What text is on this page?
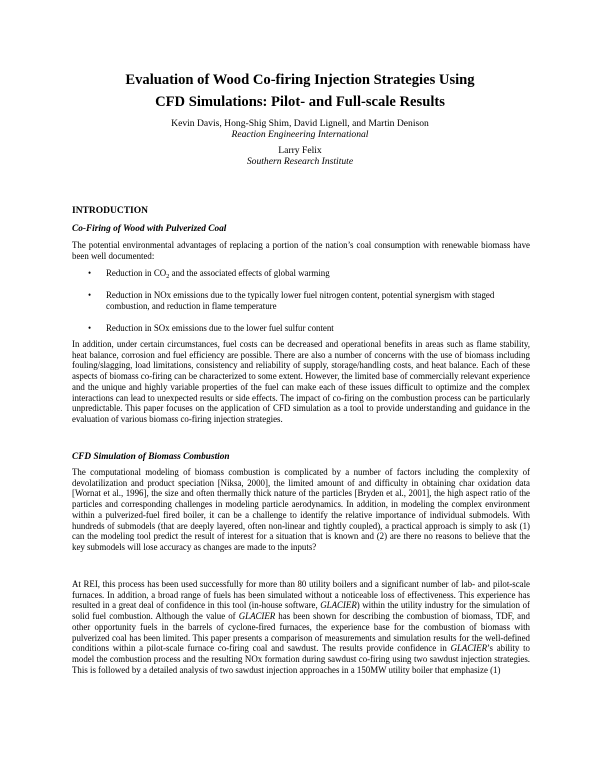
Evaluation of Wood Co-firing Injection Strategies Using
CFD Simulations: Pilot- and Full-scale Results
Kevin Davis, Hong-Shig Shim, David Lignell, and Martin Denison
Reaction Engineering International
Larry Felix
Southern Research Institute
INTRODUCTION
Co-Firing of Wood with Pulverized Coal
The potential environmental advantages of replacing a portion of the nation’s coal consumption with renewable biomass have been well documented:
• Reduction in $CO_2$ and the associated effects of global warming
• Reduction in NOx emissions due to the typically lower fuel nitrogen content, potential synergism with staged combustion, and reduction in flame temperature
• Reduction in SOx emissions due to the lower fuel sulfur content
In addition, under certain circumstances, fuel costs can be decreased and operational benefits in areas such as flame stability, heat balance, corrosion and fuel efficiency are possible. There are also a number of concerns with the use of biomass including fouling/slagging, load limitations, consistency and reliability of supply, storage/handling costs, and heat balance. Each of these aspects of biomass co-firing can be characterized to some extent. However, the limited base of commercially relevant experience and the unique and highly variable properties of the fuel can make each of these issues difficult to optimize and the complex interactions can lead to unexpected results or side effects. The impact of co-firing on the combustion process can be particularly unpredictable. This paper focuses on the application of CFD simulation as a tool to provide understanding and guidance in the evaluation of various biomass co-firing injection strategies.
CFD Simulation of Biomass Combustion
The computational modeling of biomass combustion is complicated by a number of factors including the complexity of devolatilization and product speciation [Niksa, 2000], the limited amount of and difficulty in obtaining char oxidation data [Wornat et al., 1996], the size and often thermally thick nature of the particles [Bryden et al., 2001], the high aspect ratio of the particles and corresponding challenges in modeling particle aerodynamics. In addition, in modeling the complex environment within a pulverized-fuel fired boiler, it can be a challenge to identify the relative importance of individual submodels. With hundreds of submodels (that are deeply layered, often non-linear and tightly coupled), a practical approach is simply to ask (1) can the modeling tool predict the result of interest for a situation that is known and (2) are there no reasons to believe that the key submodels will lose accuracy as changes are made to the inputs?
At REI, this process has been used successfully for more than 80 utility boilers and a significant number of lab- and pilot-scale furnaces. In addition, a broad range of fuels has been simulated without a noticeable loss of effectiveness. This experience has resulted in a great deal of confidence in this tool (in-house software, GLACIER) within the utility industry for the simulation of solid fuel combustion. Although the value of GLACIER has been shown for describing the combustion of biomass, TDF, and other opportunity fuels in the barrels of cyclone-fired furnaces, the experience base for the combustion of biomass with pulverized coal has been limited. This paper presents a comparison of measurements and simulation results for the well-defined conditions within a pilot-scale furnace co-firing coal and sawdust. The results provide confidence in GLACIER’s ability to model the combustion process and the resulting NOx formation during sawdust co-firing using two sawdust injection strategies. This is followed by a detailed analysis of two sawdust injection approaches in a 150MW utility boiler that emphasize (1)
